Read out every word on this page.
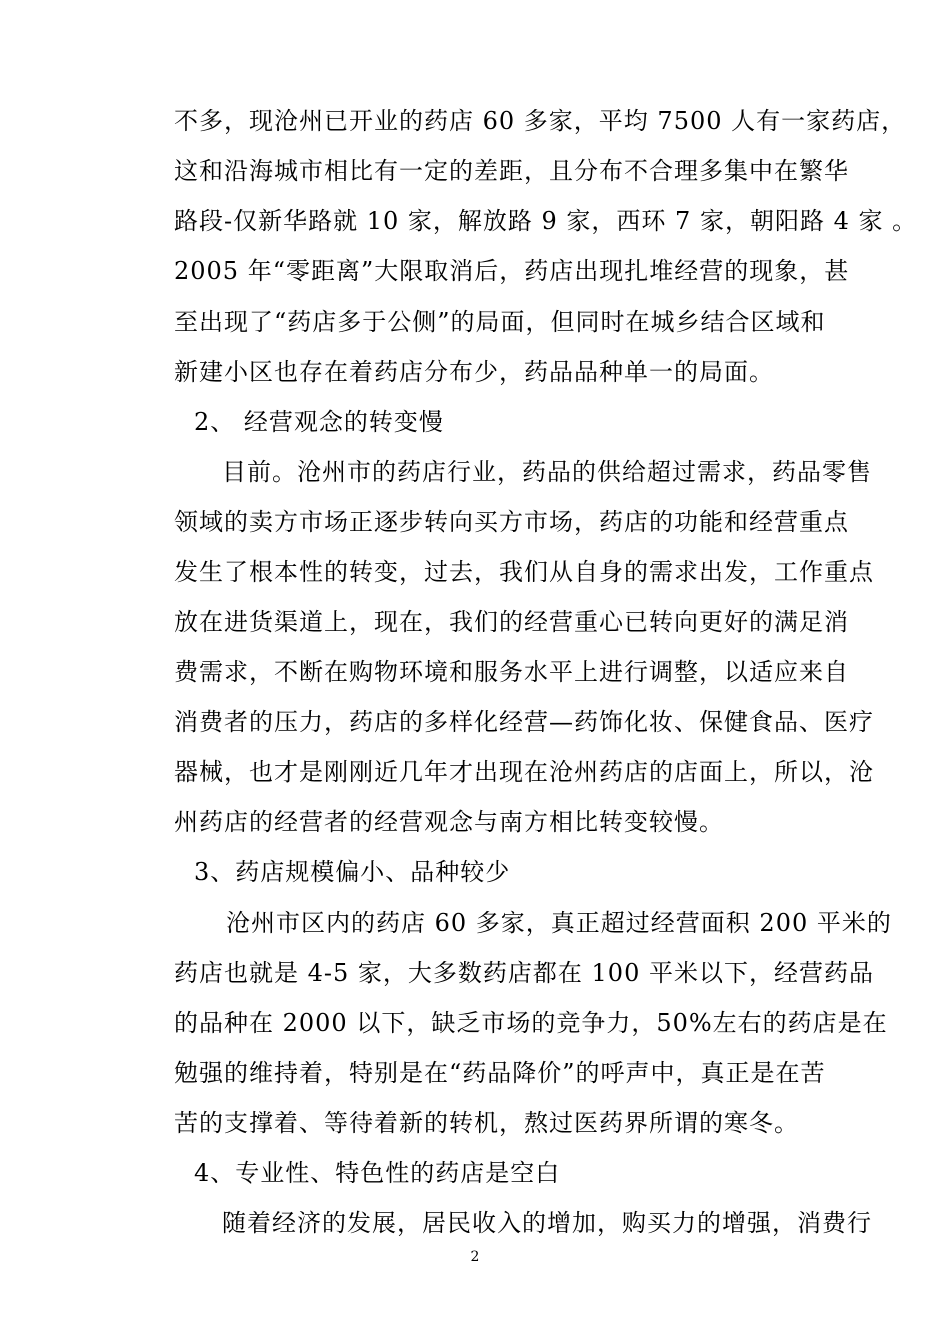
不多，现沧州已开业的药店 60 多家，平均 7500 人有一家药店，
这和沿海城市相比有一定的差距，且分布不合理多集中在繁华
路段-仅新华路就 10 家，解放路 9 家，西环 7 家，朝阳路 4 家 。
2005 年“零距离”大限取消后，药店出现扎堆经营的现象，甚
至出现了“药店多于公侧”的局面，但同时在城乡结合区域和
新建小区也存在着药店分布少，药品品种单一的局面。
2、 经营观念的转变慢
目前。沧州市的药店行业，药品的供给超过需求，药品零售
领域的卖方市场正逐步转向买方市场，药店的功能和经营重点
发生了根本性的转变，过去，我们从自身的需求出发，工作重点
放在进货渠道上，现在，我们的经营重心已转向更好的满足消
费需求，不断在购物环境和服务水平上进行调整，以适应来自
消费者的压力，药店的多样化经营—药饰化妆、保健食品、医疗
器械，也才是刚刚近几年才出现在沧州药店的店面上，所以，沧
州药店的经营者的经营观念与南方相比转变较慢。
3、药店规模偏小、品种较少
沧州市区内的药店 60 多家，真正超过经营面积 200 平米的
药店也就是 4-5 家，大多数药店都在 100 平米以下，经营药品
的品种在 2000 以下，缺乏市场的竞争力，50%左右的药店是在
勉强的维持着，特别是在“药品降价”的呼声中，真正是在苦
苦的支撑着、等待着新的转机，熬过医药界所谓的寒冬。
4、专业性、特色性的药店是空白
随着经济的发展，居民收入的增加，购买力的增强，消费行
2
